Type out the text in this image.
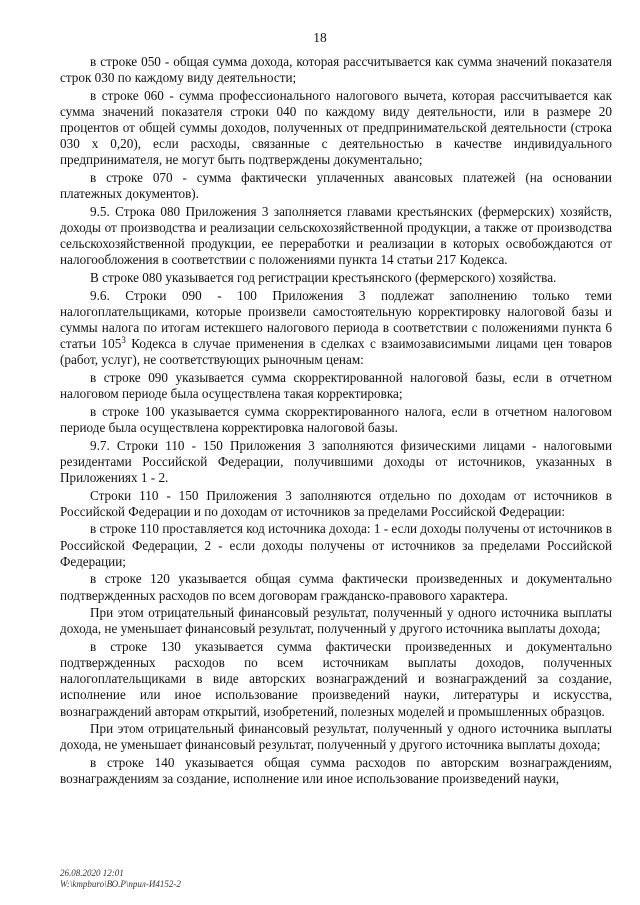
18

в строке 050 - общая сумма дохода, которая рассчитывается как сумма значений показателя строк 030 по каждому виду деятельности;

в строке 060 - сумма профессионального налогового вычета, которая рассчитывается как сумма значений показателя строки 040 по каждому виду деятельности, или в размере 20 процентов от общей суммы доходов, полученных от предпринимательской деятельности (строка 030 х 0,20), если расходы, связанные с деятельностью в качестве индивидуального предпринимателя, не могут быть подтверждены документально;

в строке 070 - сумма фактически уплаченных авансовых платежей (на основании платежных документов).

9.5. Строка 080 Приложения 3 заполняется главами крестьянских (фермерских) хозяйств, доходы от производства и реализации сельскохозяйственной продукции, а также от производства сельскохозяйственной продукции, ее переработки и реализации в которых освобождаются от налогообложения в соответствии с положениями пункта 14 статьи 217 Кодекса.

В строке 080 указывается год регистрации крестьянского (фермерского) хозяйства.

9.6. Строки 090 - 100 Приложения 3 подлежат заполнению только теми налогоплательщиками, которые произвели самостоятельную корректировку налоговой базы и суммы налога по итогам истекшего налогового периода в соответствии с положениями пункта 6 статьи $105^3$ Кодекса в случае применения в сделках с взаимозависимыми лицами цен товаров (работ, услуг), не соответствующих рыночным ценам:

в строке 090 указывается сумма скорректированной налоговой базы, если в отчетном налоговом периоде была осуществлена такая корректировка;

в строке 100 указывается сумма скорректированного налога, если в отчетном налоговом периоде была осуществлена корректировка налоговой базы.

9.7. Строки 110 - 150 Приложения 3 заполняются физическими лицами - налоговыми резидентами Российской Федерации, получившими доходы от источников, указанных в Приложениях 1 - 2.

Строки 110 - 150 Приложения 3 заполняются отдельно по доходам от источников в Российской Федерации и по доходам от источников за пределами Российской Федерации:

в строке 110 проставляется код источника дохода: 1 - если доходы получены от источников в Российской Федерации, 2 - если доходы получены от источников за пределами Российской Федерации;

в строке 120 указывается общая сумма фактически произведенных и документально подтвержденных расходов по всем договорам гражданско-правового характера.

При этом отрицательный финансовый результат, полученный у одного источника выплаты дохода, не уменьшает финансовый результат, полученный у другого источника выплаты дохода;

в строке 130 указывается сумма фактически произведенных и документально подтвержденных расходов по всем источникам выплаты доходов, полученных налогоплательщиками в виде авторских вознаграждений и вознаграждений за создание, исполнение или иное использование произведений науки, литературы и искусства, вознаграждений авторам открытий, изобретений, полезных моделей и промышленных образцов.

При этом отрицательный финансовый результат, полученный у одного источника выплаты дохода, не уменьшает финансовый результат, полученный у другого источника выплаты дохода;

в строке 140 указывается общая сумма расходов по авторским вознаграждениям, вознаграждениям за создание, исполнение или иное использование произведений науки,

26.08.2020 12:01
W:\kmpburo\ВО.Р\прил-И4152-2
